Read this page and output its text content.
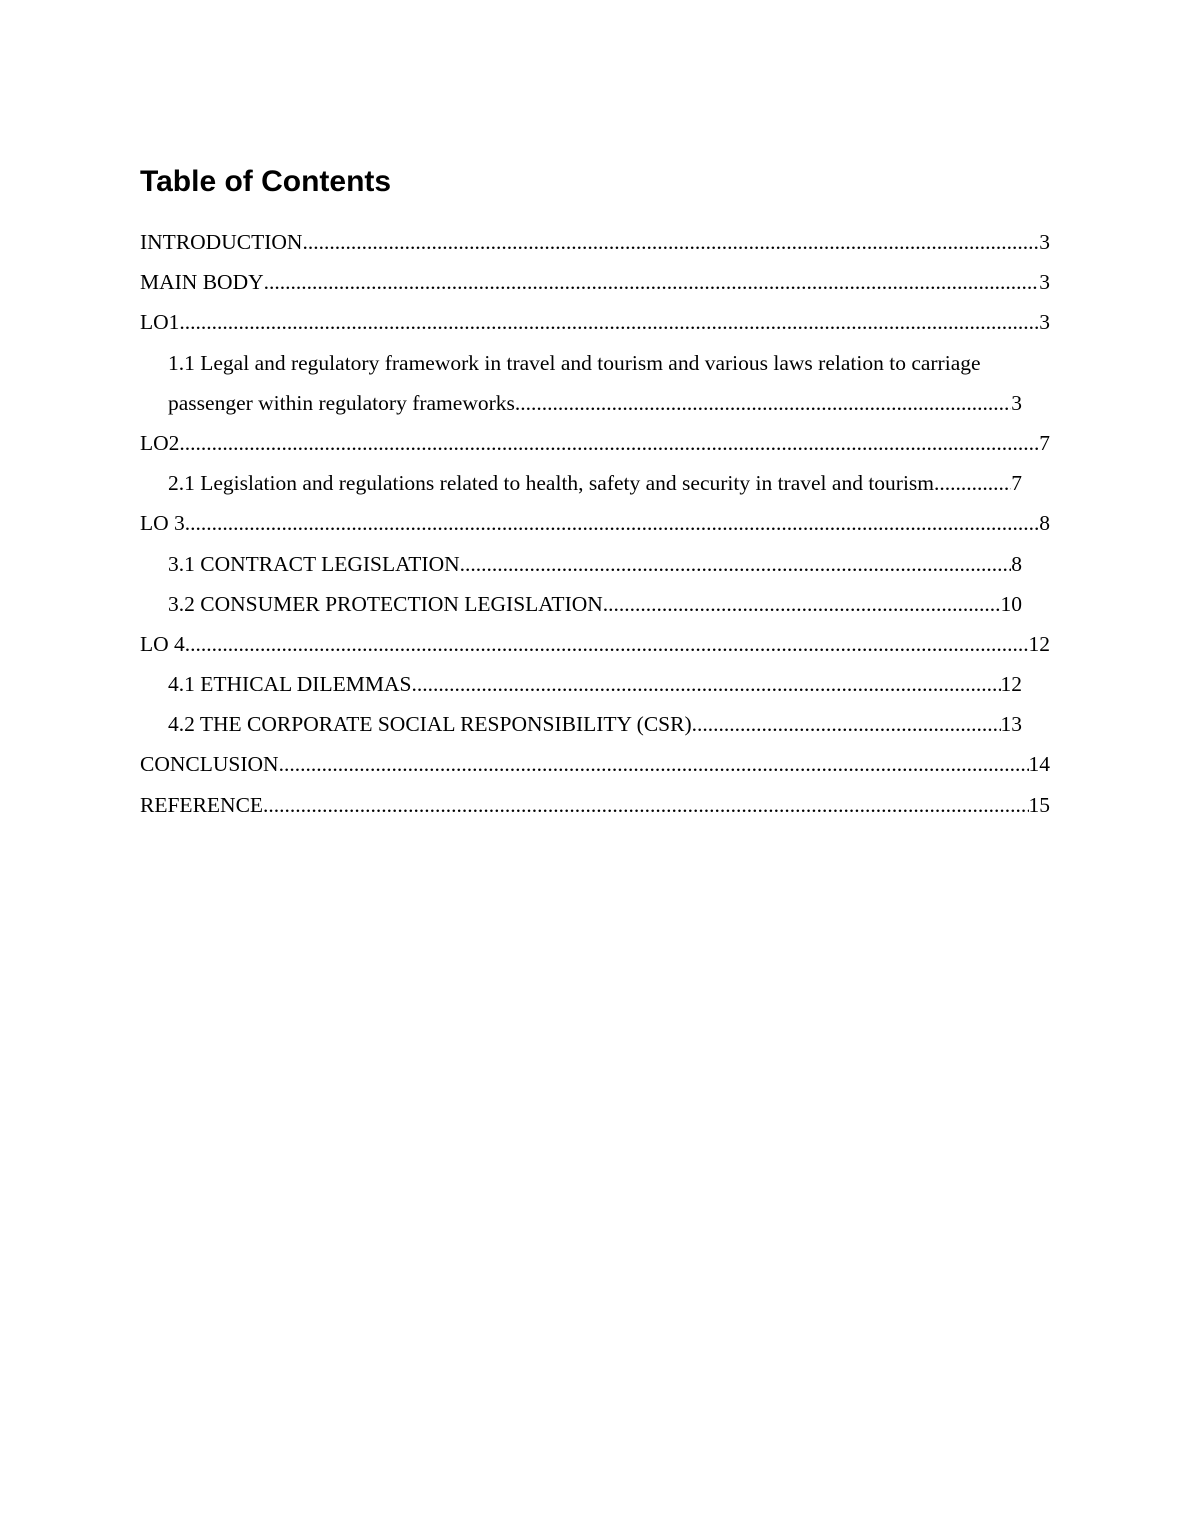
Table of Contents
INTRODUCTION .....	3
MAIN BODY .....	3
LO1 .....	3
1.1 Legal and regulatory framework in travel and tourism and various laws relation to carriage
passenger within regulatory frameworks .....	3
LO2 .....	7
2.1 Legislation and regulations related to health, safety and security in travel and tourism. .....	7
LO 3 .....	8
3.1 CONTRACT LEGISLATION .....	8
3.2 CONSUMER PROTECTION LEGISLATION .....	10
LO 4 .....	12
4.1 ETHICAL DILEMMAS .....	12
4.2 THE CORPORATE SOCIAL RESPONSIBILITY (CSR) .....	13
CONCLUSION .....	14
REFERENCE .....	15
